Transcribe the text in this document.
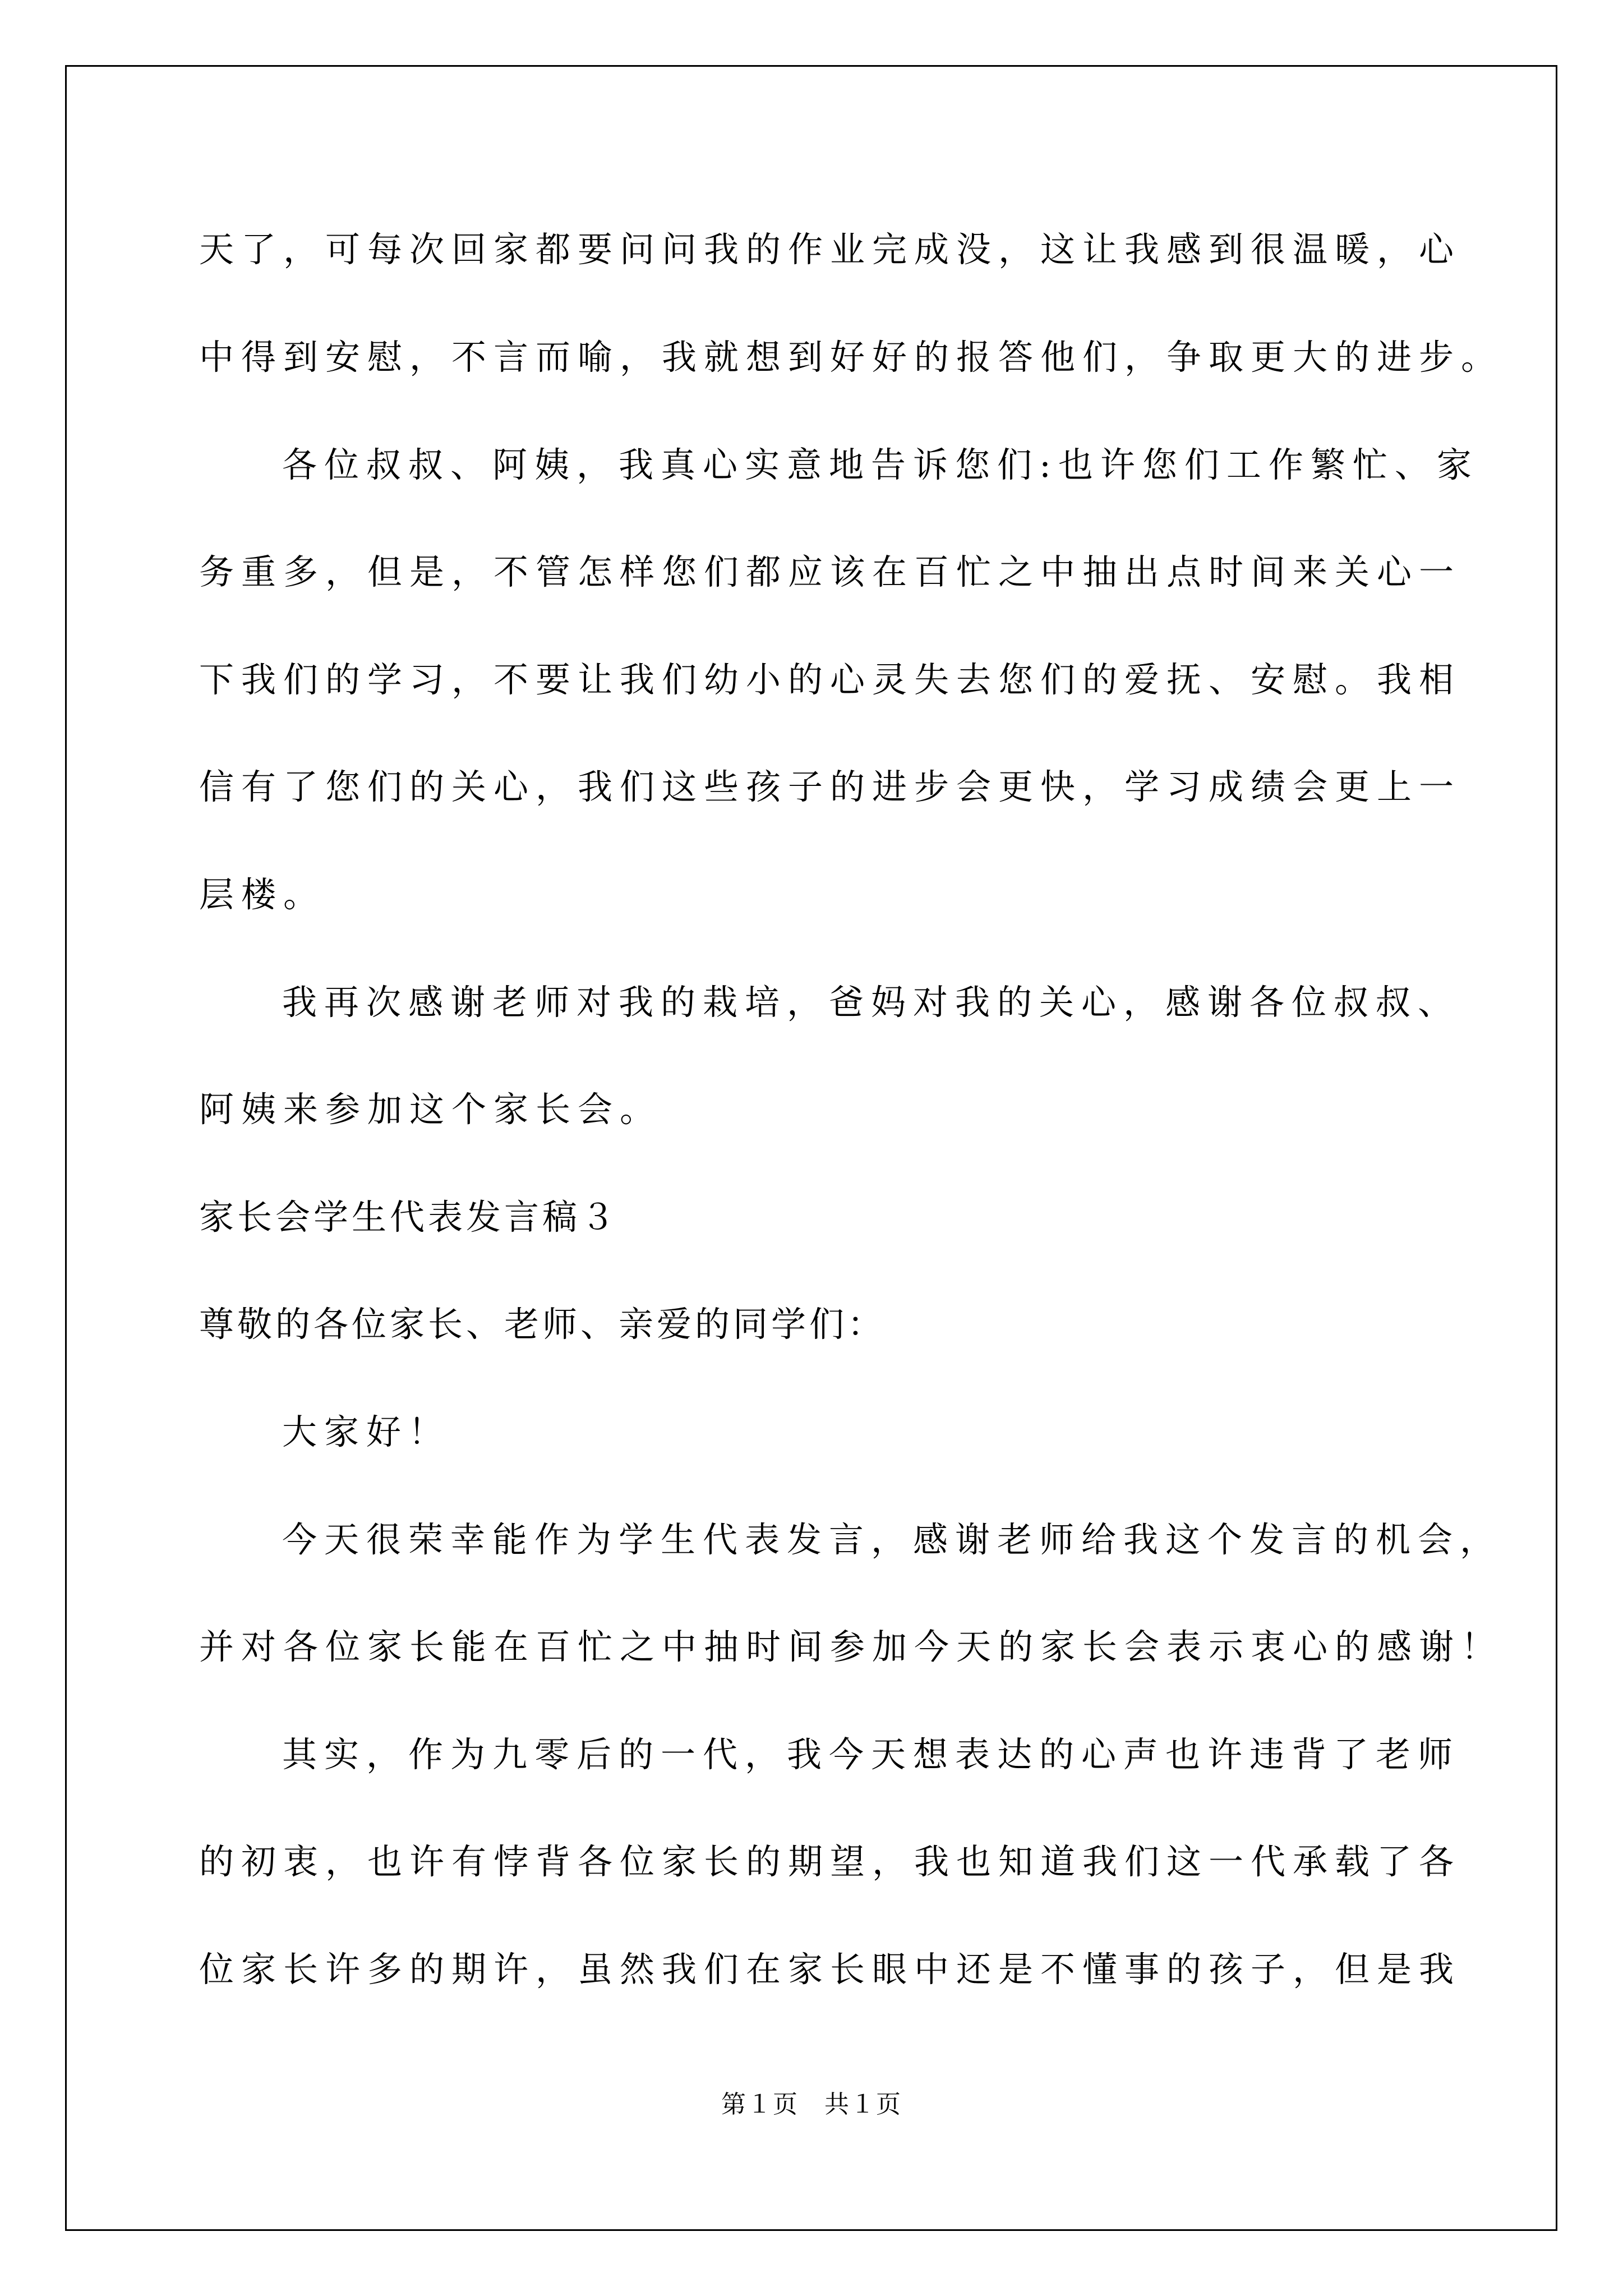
天了，可每次回家都要问问我的作业完成没，这让我感到很温暖，心
中得到安慰，不言而喻，我就想到好好的报答他们，争取更大的进步。
各位叔叔、阿姨，我真心实意地告诉您们:也许您们工作繁忙、家
务重多，但是，不管怎样您们都应该在百忙之中抽出点时间来关心一
下我们的学习，不要让我们幼小的心灵失去您们的爱抚、安慰。我相
信有了您们的关心，我们这些孩子的进步会更快，学习成绩会更上一
层楼。
我再次感谢老师对我的栽培，爸妈对我的关心，感谢各位叔叔、
阿姨来参加这个家长会。
家长会学生代表发言稿３
尊敬的各位家长、老师、亲爱的同学们：
大家好！
今天很荣幸能作为学生代表发言，感谢老师给我这个发言的机会，
并对各位家长能在百忙之中抽时间参加今天的家长会表示衷心的感谢！
其实，作为九零后的一代，我今天想表达的心声也许违背了老师
的初衷，也许有悖背各位家长的期望，我也知道我们这一代承载了各
位家长许多的期许，虽然我们在家长眼中还是不懂事的孩子，但是我
第１页　共１页
